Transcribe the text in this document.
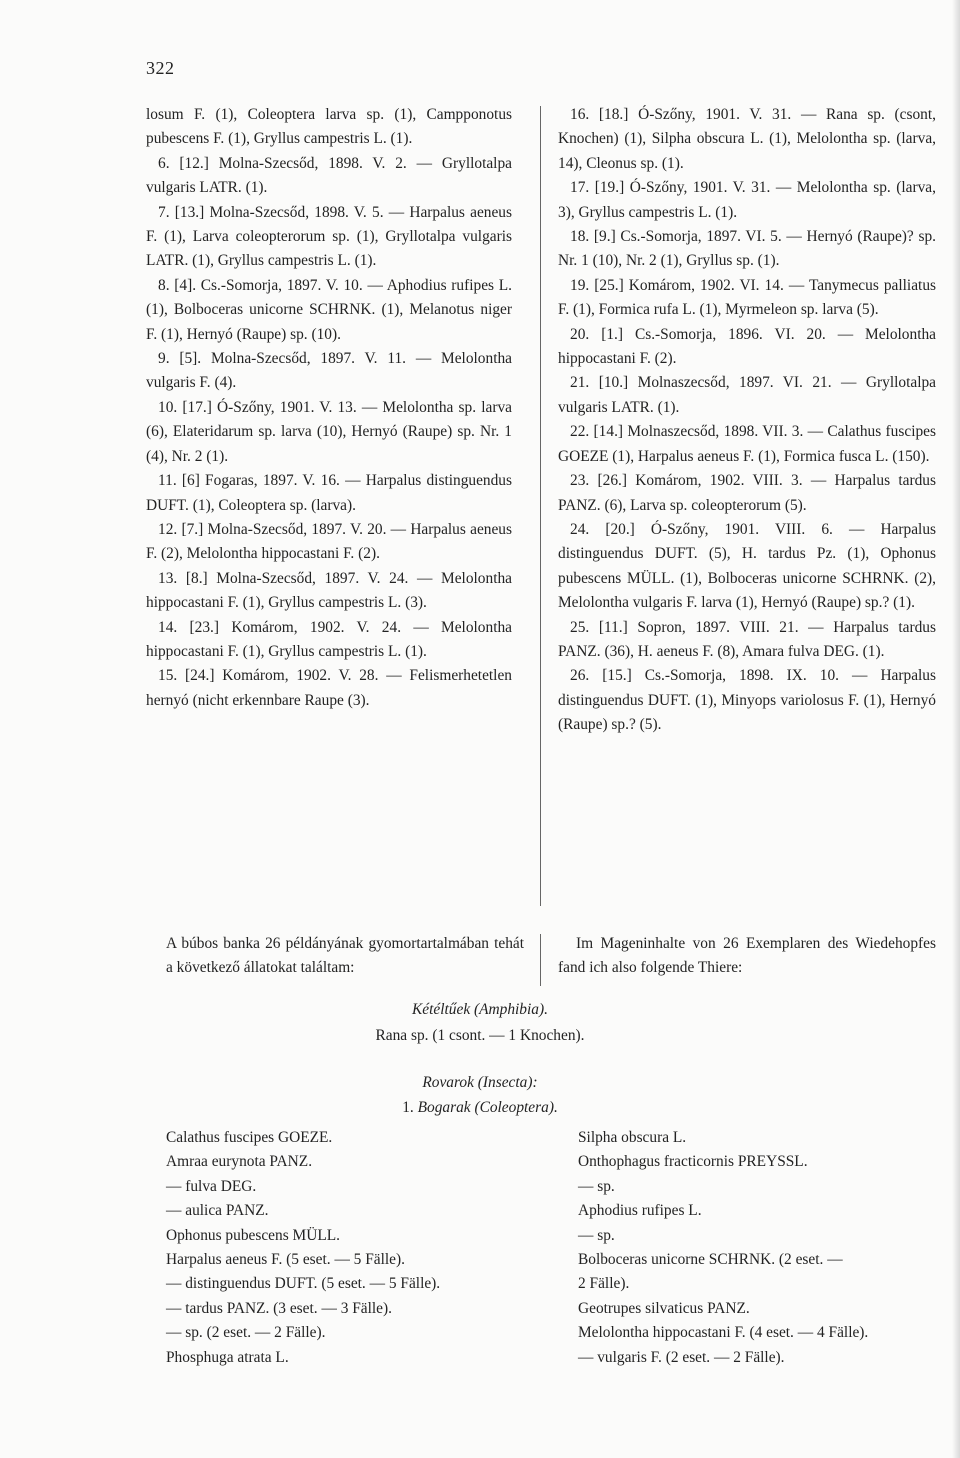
322

losum F. (1), Coleoptera larva sp. (1), Campponotus pubescens F. (1), Gryllus campestris L. (1).

6. [12.] Molna-Szecsőd, 1898. V. 2. — Gryllotalpa vulgaris LATR. (1).

7. [13.] Molna-Szecsőd, 1898. V. 5. — Harpalus aeneus F. (1), Larva coleopterorum sp. (1), Gryllotalpa vulgaris LATR. (1), Gryllus campestris L. (1).

8. [4]. Cs.-Somorja, 1897. V. 10. — Aphodius rufipes L. (1), Bolboceras unicorne SCHRNK. (1), Melanotus niger F. (1), Hernyó (Raupe) sp. (10).

9. [5]. Molna-Szecsőd, 1897. V. 11. — Melolontha vulgaris F. (4).

10. [17.] Ó-Szőny, 1901. V. 13. — Melolontha sp. larva (6), Elateridarum sp. larva (10), Hernyó (Raupe) sp. Nr. 1 (4), Nr. 2 (1).

11. [6] Fogaras, 1897. V. 16. — Harpalus distinguendus DUFT. (1), Coleoptera sp. (larva).

12. [7.] Molna-Szecsőd, 1897. V. 20. — Harpalus aeneus F. (2), Melolontha hippocastani F. (2).

13. [8.] Molna-Szecsőd, 1897. V. 24. — Melolontha hippocastani F. (1), Gryllus campestris L. (3).

14. [23.] Komárom, 1902. V. 24. — Melolontha hippocastani F. (1), Gryllus campestris L. (1).

15. [24.] Komárom, 1902. V. 28. — Felismerhetetlen hernyó (nicht erkennbare Raupe (3).

16. [18.] Ó-Szőny, 1901. V. 31. — Rana sp. (csont, Knochen) (1), Silpha obscura L. (1), Melolontha sp. (larva, 14), Cleonus sp. (1).

17. [19.] Ó-Szőny, 1901. V. 31. — Melolontha sp. (larva, 3), Gryllus campestris L. (1).

18. [9.] Cs.-Somorja, 1897. VI. 5. — Hernyó (Raupe)? sp. Nr. 1 (10), Nr. 2 (1), Gryllus sp. (1).

19. [25.] Komárom, 1902. VI. 14. — Tanymecus palliatus F. (1), Formica rufa L. (1), Myrmeleon sp. larva (5).

20. [1.] Cs.-Somorja, 1896. VI. 20. — Melolontha hippocastani F. (2).

21. [10.] Molnaszecsőd, 1897. VI. 21. — Gryllotalpa vulgaris LATR. (1).

22. [14.] Molnaszecsőd, 1898. VII. 3. — Calathus fuscipes GOEZE (1), Harpalus aeneus F. (1), Formica fusca L. (150).

23. [26.] Komárom, 1902. VIII. 3. — Harpalus tardus PANZ. (6), Larva sp. coleopterorum (5).

24. [20.] Ó-Szőny, 1901. VIII. 6. — Harpalus distinguendus DUFT. (5), H. tardus Pz. (1), Ophonus pubescens MÜLL. (1), Bolboceras unicorne SCHRNK. (2), Melolontha vulgaris F. larva (1), Hernyó (Raupe) sp.? (1).

25. [11.] Sopron, 1897. VIII. 21. — Harpalus tardus PANZ. (36), H. aeneus F. (8), Amara fulva DEG. (1).

26. [15.] Cs.-Somorja, 1898. IX. 10. — Harpalus distinguendus DUFT. (1), Minyops variolosus F. (1), Hernyó (Raupe) sp.? (5).

A búbos banka 26 példányának gyomortartalmában tehát a következő állatokat találtam:
Im Mageninhalte von 26 Exemplaren des Wiedehopfes fand ich also folgende Thiere:
Kétéltűek (Amphibia).
Rana sp. (1 csont. — 1 Knochen).
Rovarok (Insecta):
1. Bogarak (Coleoptera).
Calathus fuscipes GOEZE.
Amraa eurynota PANZ.
— fulva DEG.
— aulica PANZ.
Ophonus pubescens MÜLL.
Harpalus aeneus F. (5 eset. — 5 Fälle).
— distinguendus DUFT. (5 eset. — 5 Fälle).
— tardus PANZ. (3 eset. — 3 Fälle).
— sp. (2 eset. — 2 Fälle).
Phosphuga atrata L.
Silpha obscura L.
Onthophagus fracticornis PREYSSL.
— sp.
Aphodius rufipes L.
— sp.
Bolboceras unicorne SCHRNK. (2 eset. —
2 Fälle).
Geotrupes silvaticus PANZ.
Melolontha hippocastani F. (4 eset. — 4 Fälle).
— vulgaris F. (2 eset. — 2 Fälle).
